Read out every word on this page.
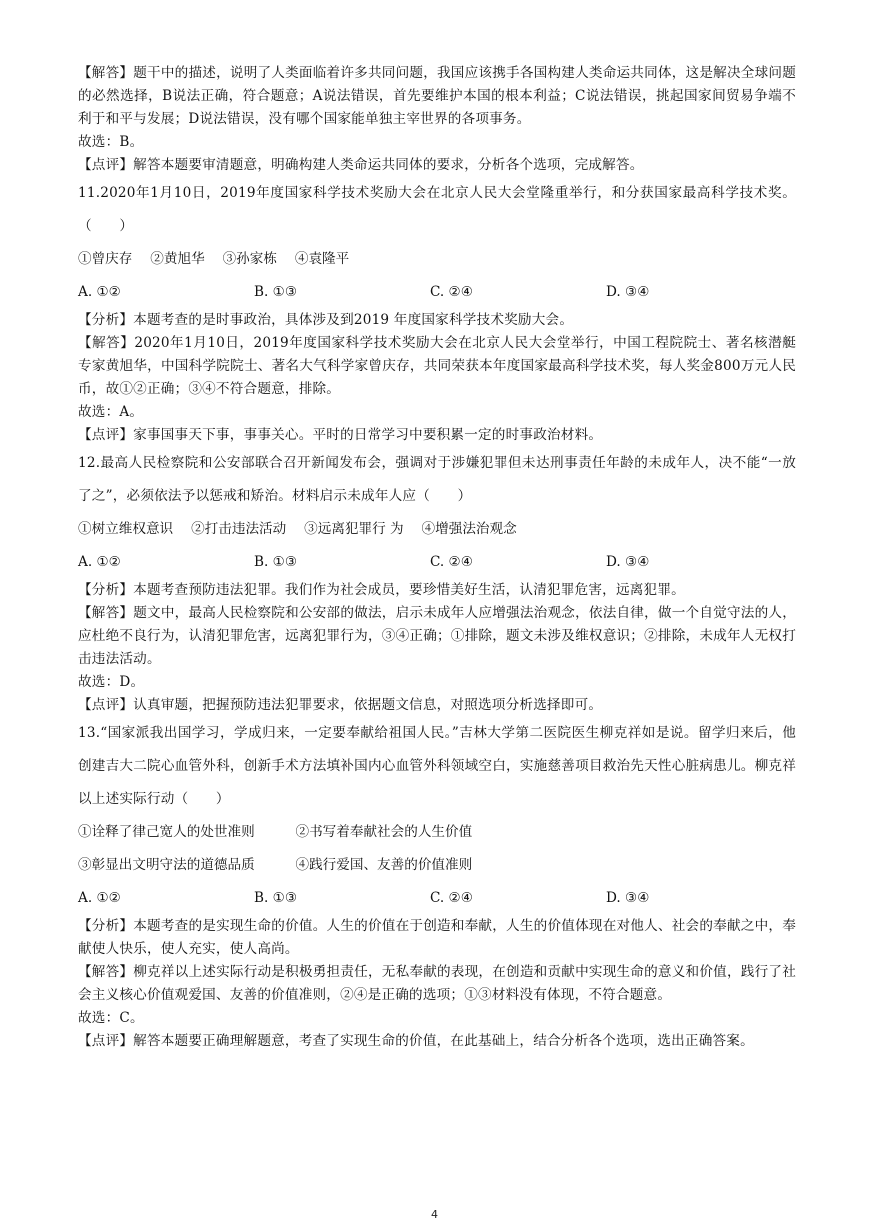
【解答】题干中的描述，说明了人类面临着许多共同问题，我国应该携手各国构建人类命运共同体，这是解决全球问题的必然选择，B说法正确，符合题意；A说法错误，首先要维护本国的根本利益；C说法错误，挑起国家间贸易争端不利于和平与发展；D说法错误，没有哪个国家能单独主宰世界的各项事务。

故选：B。

【点评】解答本题要审清题意，明确构建人类命运共同体的要求，分析各个选项，完成解答。

11.2020年1月10日，2019年度国家科学技术奖励大会在北京人民大会堂隆重举行，和分获国家最高科学技术奖。（　　）

①曾庆存　 ②黄旭华　 ③孙家栋　 ④袁隆平
A. ①②	B. ①③	C. ②④	D. ③④

【分析】本题考查的是时事政治，具体涉及到2019 年度国家科学技术奖励大会。

【解答】2020年1月10日，2019年度国家科学技术奖励大会在北京人民大会堂举行，中国工程院院士、著名核潜艇专家黄旭华，中国科学院院士、著名大气科学家曾庆存，共同荣获本年度国家最高科学技术奖，每人奖金800万元人民币，故①②正确；③④不符合题意，排除。

故选：A。

【点评】家事国事天下事，事事关心。平时的日常学习中要积累一定的时事政治材料。

12.最高人民检察院和公安部联合召开新闻发布会，强调对于涉嫌犯罪但未达刑事责任年龄的未成年人，决不能“一放了之”，必须依法予以惩戒和矫治。材料启示未成年人应（　　）

①树立维权意识　 ②打击违法活动　 ③远离犯罪行 为　 ④增强法治观念
A. ①②	B. ①③	C. ②④	D. ③④

【分析】本题考查预防违法犯罪。我们作为社会成员，要珍惜美好生活，认清犯罪危害，远离犯罪。

【解答】题文中，最高人民检察院和公安部的做法，启示未成年人应增强法治观念，依法自律，做一个自觉守法的人，应杜绝不良行为，认清犯罪危害，远离犯罪行为，③④正确；①排除，题文未涉及维权意识；②排除，未成年人无权打击违法活动。

故选：D。

【点评】认真审题，把握预防违法犯罪要求，依据题文信息，对照选项分析选择即可。

13.“国家派我出国学习，学成归来，一定要奉献给祖国人民。”吉林大学第二医院医生柳克祥如是说。留学归来后，他创建吉大二院心血管外科，创新手术方法填补国内心血管外科领域空白，实施慈善项目救治先天性心脏病患儿。柳克祥以上述实际行动（　　）

①诠释了律己宽人的处世准则　　　②书写着奉献社会的人生价值
③彰显出文明守法的道德品质　　　④践行爱国、友善的价值准则
A. ①②	B. ①③	C. ②④	D. ③④

【分析】本题考查的是实现生命的价值。人生的价值在于创造和奉献，人生的价值体现在对他人、社会的奉献之中，奉献使人快乐，使人充实，使人高尚。

【解答】柳克祥以上述实际行动是积极勇担责任，无私奉献的表现，在创造和贡献中实现生命的意义和价值，践行了社会主义核心价值观爱国、友善的价值准则，②④是正确的选项；①③材料没有体现，不符合题意。

故选：C。

【点评】解答本题要正确理解题意，考查了实现生命的价值，在此基础上，结合分析各个选项，选出正确答案。

4
